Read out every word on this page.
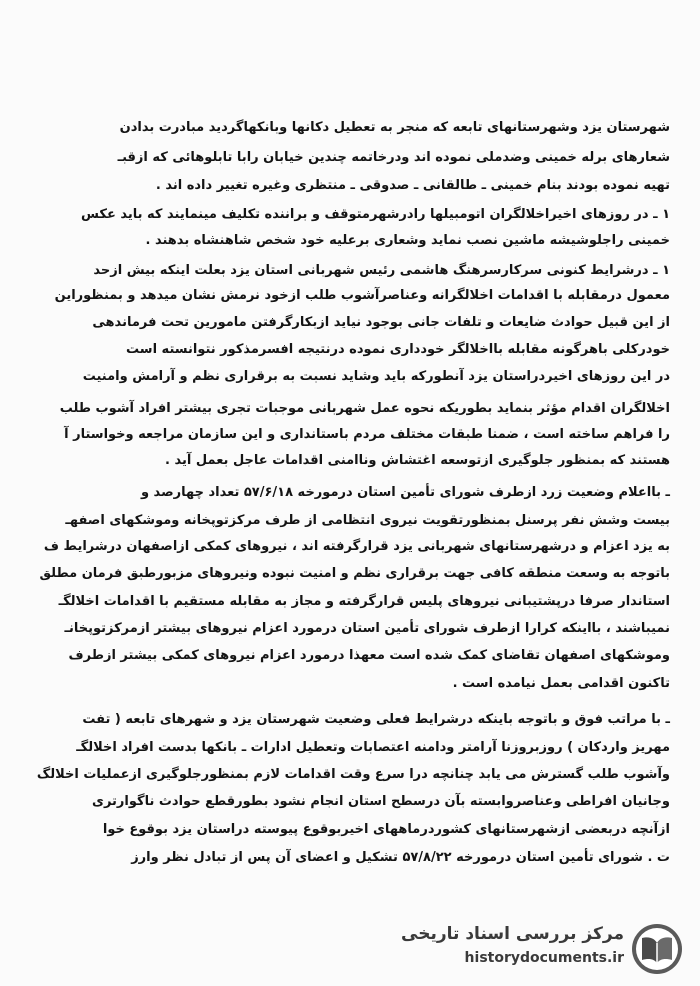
شهرستان یزد وشهرستانهای تابعه که منجر به تعطیل دکانها وبانکهاگردید مبادرت بدادن
شعارهای برله خمینی وضدملی نموده اند ودرخاتمه چندین خیابان رابا تابلوهائی که ازقبـ
تهیه نموده بودند بنام خمینی ـ طالقانی ـ صدوقی ـ منتظری وغیره تغییر داده اند .
۱ ـ در روزهای اخیراخلالگران اتومبیلها رادرشهرمتوقف و براننده تکلیف مینمایند که باید عکس
خمینی راجلوشیشه ماشین نصب نماید وشعاری برعلیه خود شخص شاهنشاه بدهند .
۱ ـ درشرایط کنونی سرکارسرهنگ هاشمی رئیس شهربانی استان یزد بعلت اینکه بیش ازحد
معمول درمقابله با اقدامات اخلالگرانه وعناصرآشوب طلب ازخود نرمش نشان میدهد و بمنظوراین
از این قبیل حوادث ضایعات و تلفات جانی بوجود نیاید ازبکارگرفتن مامورین تحت فرماندهی
خودرکلی باهرگونه مقابله بااخلالگر خودداری نموده درنتیجه افسرمذکور نتوانسته است
در این روزهای اخیردراستان یزد آنطورکه باید وشاید نسبت به برقراری نظم و آرامش وامنیت
اخلالگران اقدام مؤثر بنماید بطوریکه نحوه عمل شهربانی موجبات تجری بیشتر افراد آشوب طلب
را فراهم ساخته است ، ضمنا طبقات مختلف مردم باستانداری و این سازمان مراجعه وخواستار آ
هستند که بمنظور جلوگیری ازتوسعه اغتشاش وناامنی اقدامات عاجل بعمل آید .
ـ بااعلام وضعیت زرد ازطرف شورای تأمین استان درمورخه ۵۷/۶/۱۸ تعداد چهارصد و
بیست وشش نفر پرسنل بمنظورتقویت نیروی انتظامی از طرف مرکزتوپخانه وموشکهای اصفهـ
به یزد اعزام و درشهرستانهای شهربانی یزد قرارگرفته اند ، نیروهای کمکی ازاصفهان درشرایط ف
باتوجه به وسعت منطقه کافی جهت برقراری نظم و امنیت نبوده ونیروهای مزبورطبق فرمان مطلق
استاندار صرفا درپشتیبانی نیروهای پلیس قرارگرفته و مجاز به مقابله مستقیم با اقدامات اخلالگـ
نمیباشند ، بااینکه کرارا ازطرف شورای تأمین استان درمورد اعزام نیروهای بیشتر ازمرکزتوپخانـ
وموشکهای اصفهان تقاضای کمک شده است معهذا درمورد اعزام نیروهای کمکی بیشتر ازطرف
تاکنون اقدامی بعمل نیامده است .
ـ با مراتب فوق و باتوجه باینکه درشرایط فعلی وضعیت شهرستان یزد و شهرهای تابعه ( تفت
مهریز واردکان ) روزبروزنا آرامتر ودامنه اعتصابات وتعطیل ادارات ـ بانکها بدست افراد اخلالگـ
وآشوب طلب گسترش می یابد چنانچه درا سرع وقت اقدامات لازم بمنظورجلوگیری ازعملیات اخلالگ
وجانیان افراطی وعناصروابسته بآن درسطح استان انجام نشود بطورقطع حوادث ناگوارتری
ازآنچه دربعضی ازشهرستانهای کشوردرماههای اخیربوقوع پیوسته دراستان یزد بوقوع خوا
ت . شورای تأمین استان درمورخه ۵۷/۸/۲۲ تشکیل و اعضای آن پس از تبادل نظر وارز
مرکز بررسی اسناد تاریخی
historydocuments.ir
